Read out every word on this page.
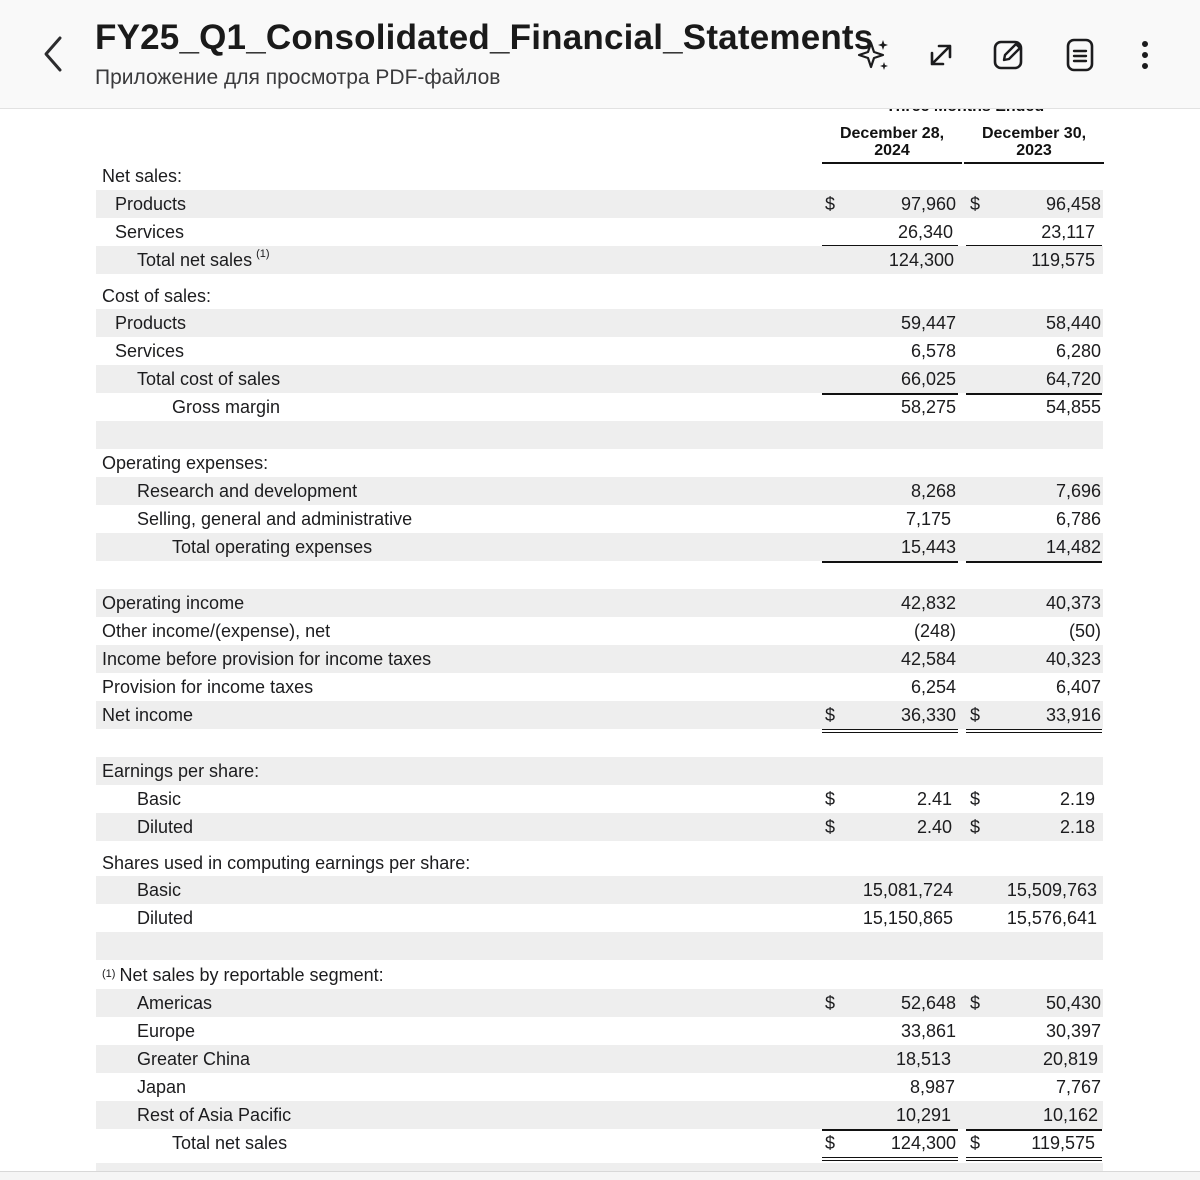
FY25_Q1_Consolidated_Financial_Statements
Приложение для просмотра PDF-файлов
December 28,
2024
December 30,
2023
Net sales:
Products	$	97,960 $	96,458
Services	26,340	23,117
Total net sales $^{(1)}$	124,300	119,575
Cost of sales:
Products	59,447	58,440
Services	6,578	6,280
Total cost of sales	66,025	64,720
Gross margin	58,275	54,855
Operating expenses:
Research and development	8,268	7,696
Selling, general and administrative	7,175	6,786
Total operating expenses	15,443	14,482
Operating income	42,832	40,373
Other income/(expense), net	(248)	(50)
Income before provision for income taxes	42,584	40,323
Provision for income taxes	6,254	6,407
Net income	$	36,330 $	33,916
Earnings per share:
Basic	$	2.41 $	2.19
Diluted	$	2.40 $	2.18
Shares used in computing earnings per share:
Basic	15,081,724	15,509,763
Diluted	15,150,865	15,576,641
$^{(1)}$ Net sales by reportable segment:
Americas	$	52,648 $	50,430
Europe	33,861	30,397
Greater China	18,513	20,819
Japan	8,987	7,767
Rest of Asia Pacific	10,291	10,162
Total net sales	$	124,300 $	119,575
